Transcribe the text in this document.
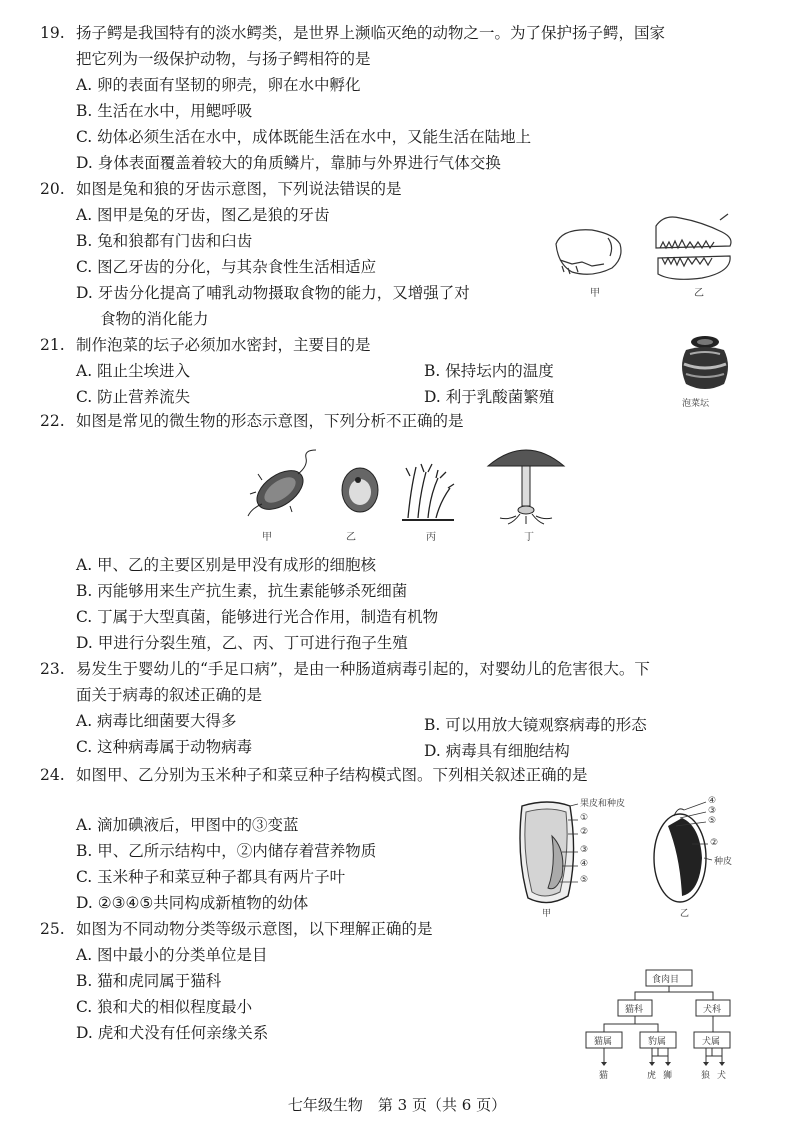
19. 扬子鳄是我国特有的淡水鳄类，是世界上濒临灭绝的动物之一。为了保护扬子鳄，国家
把它列为一级保护动物，与扬子鳄相符的是
A. 卵的表面有坚韧的卵壳，卵在水中孵化
B. 生活在水中，用鳃呼吸
C. 幼体必须生活在水中，成体既能生活在水中，又能生活在陆地上
D. 身体表面覆盖着较大的角质鳞片，靠肺与外界进行气体交换
20. 如图是兔和狼的牙齿示意图，下列说法错误的是
A. 图甲是兔的牙齿，图乙是狼的牙齿
B. 兔和狼都有门齿和臼齿
C. 图乙牙齿的分化，与其杂食性生活相适应
D. 牙齿分化提高了哺乳动物摄取食物的能力，又增强了对
食物的消化能力
甲	乙
21. 制作泡菜的坛子必须加水密封，主要目的是
A. 阻止尘埃进入	B. 保持坛内的温度
C. 防止营养流失	D. 利于乳酸菌繁殖	泡菜坛
22. 如图是常见的微生物的形态示意图，下列分析不正确的是
甲	乙	丙	丁
A. 甲、乙的主要区别是甲没有成形的细胞核
B. 丙能够用来生产抗生素，抗生素能够杀死细菌
C. 丁属于大型真菌，能够进行光合作用，制造有机物
D. 甲进行分裂生殖，乙、丙、丁可进行孢子生殖
23. 易发生于婴幼儿的“手足口病”，是由一种肠道病毒引起的，对婴幼儿的危害很大。下
面关于病毒的叙述正确的是
A. 病毒比细菌要大得多	B. 可以用放大镜观察病毒的形态
C. 这种病毒属于动物病毒	D. 病毒具有细胞结构
24. 如图甲、乙分别为玉米种子和菜豆种子结构模式图。下列相关叙述正确的是
A. 滴加碘液后，甲图中的③变蓝
B. 甲、乙所示结构中，②内储存着营养物质
C. 玉米种子和菜豆种子都具有两片子叶
D. ②③④⑤共同构成新植物的幼体
果皮和种皮
①
②
③
④
⑤
④
③
⑤
②
种皮
甲	乙
25. 如图为不同动物分类等级示意图，以下理解正确的是
A. 图中最小的分类单位是目
B. 猫和虎同属于猫科
C. 狼和犬的相似程度最小
D. 虎和犬没有任何亲缘关系
食肉目
猫科	犬科
猫属	豹属	犬属
猫	虎 狮	狼 犬
七年级生物　第 3 页（共 6 页）
